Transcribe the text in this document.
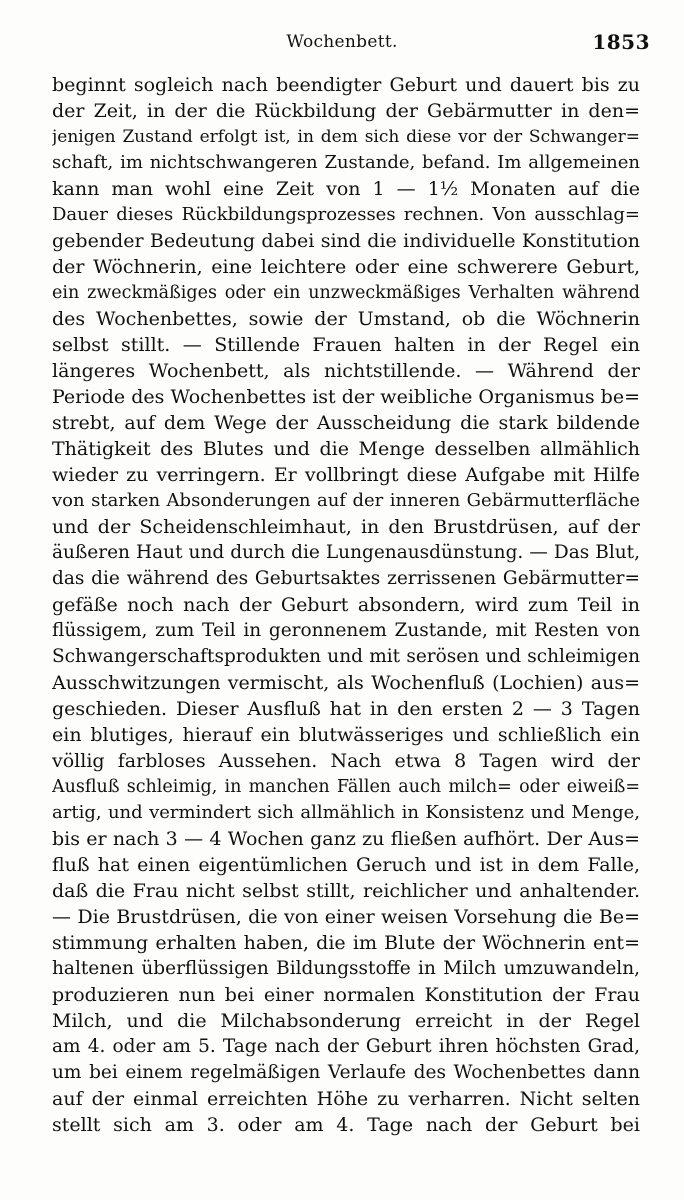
Wochenbett.	1853
beginnt sogleich nach beendigter Geburt und dauert bis zu
der Zeit, in der die Rückbildung der Gebärmutter in den=
jenigen Zustand erfolgt ist, in dem sich diese vor der Schwanger=
schaft, im nichtschwangeren Zustande, befand. Im allgemeinen
kann man wohl eine Zeit von 1 — 1½ Monaten auf die
Dauer dieses Rückbildungsprozesses rechnen. Von ausschlag=
gebender Bedeutung dabei sind die individuelle Konstitution
der Wöchnerin, eine leichtere oder eine schwerere Geburt,
ein zweckmäßiges oder ein unzweckmäßiges Verhalten während
des Wochenbettes, sowie der Umstand, ob die Wöchnerin
selbst stillt. — Stillende Frauen halten in der Regel ein
längeres Wochenbett, als nichtstillende. — Während der
Periode des Wochenbettes ist der weibliche Organismus be=
strebt, auf dem Wege der Ausscheidung die stark bildende
Thätigkeit des Blutes und die Menge desselben allmählich
wieder zu verringern. Er vollbringt diese Aufgabe mit Hilfe
von starken Absonderungen auf der inneren Gebärmutterfläche
und der Scheidenschleimhaut, in den Brustdrüsen, auf der
äußeren Haut und durch die Lungenausdünstung. — Das Blut,
das die während des Geburtsaktes zerrissenen Gebärmutter=
gefäße noch nach der Geburt absondern, wird zum Teil in
flüssigem, zum Teil in geronnenem Zustande, mit Resten von
Schwangerschaftsprodukten und mit serösen und schleimigen
Ausschwitzungen vermischt, als Wochenfluß (Lochien) aus=
geschieden. Dieser Ausfluß hat in den ersten 2 — 3 Tagen
ein blutiges, hierauf ein blutwässeriges und schließlich ein
völlig farbloses Aussehen. Nach etwa 8 Tagen wird der
Ausfluß schleimig, in manchen Fällen auch milch= oder eiweiß=
artig, und vermindert sich allmählich in Konsistenz und Menge,
bis er nach 3 — 4 Wochen ganz zu fließen aufhört. Der Aus=
fluß hat einen eigentümlichen Geruch und ist in dem Falle,
daß die Frau nicht selbst stillt, reichlicher und anhaltender.
— Die Brustdrüsen, die von einer weisen Vorsehung die Be=
stimmung erhalten haben, die im Blute der Wöchnerin ent=
haltenen überflüssigen Bildungsstoffe in Milch umzuwandeln,
produzieren nun bei einer normalen Konstitution der Frau
Milch, und die Milchabsonderung erreicht in der Regel
am 4. oder am 5. Tage nach der Geburt ihren höchsten Grad,
um bei einem regelmäßigen Verlaufe des Wochenbettes dann
auf der einmal erreichten Höhe zu verharren. Nicht selten
stellt sich am 3. oder am 4. Tage nach der Geburt bei
